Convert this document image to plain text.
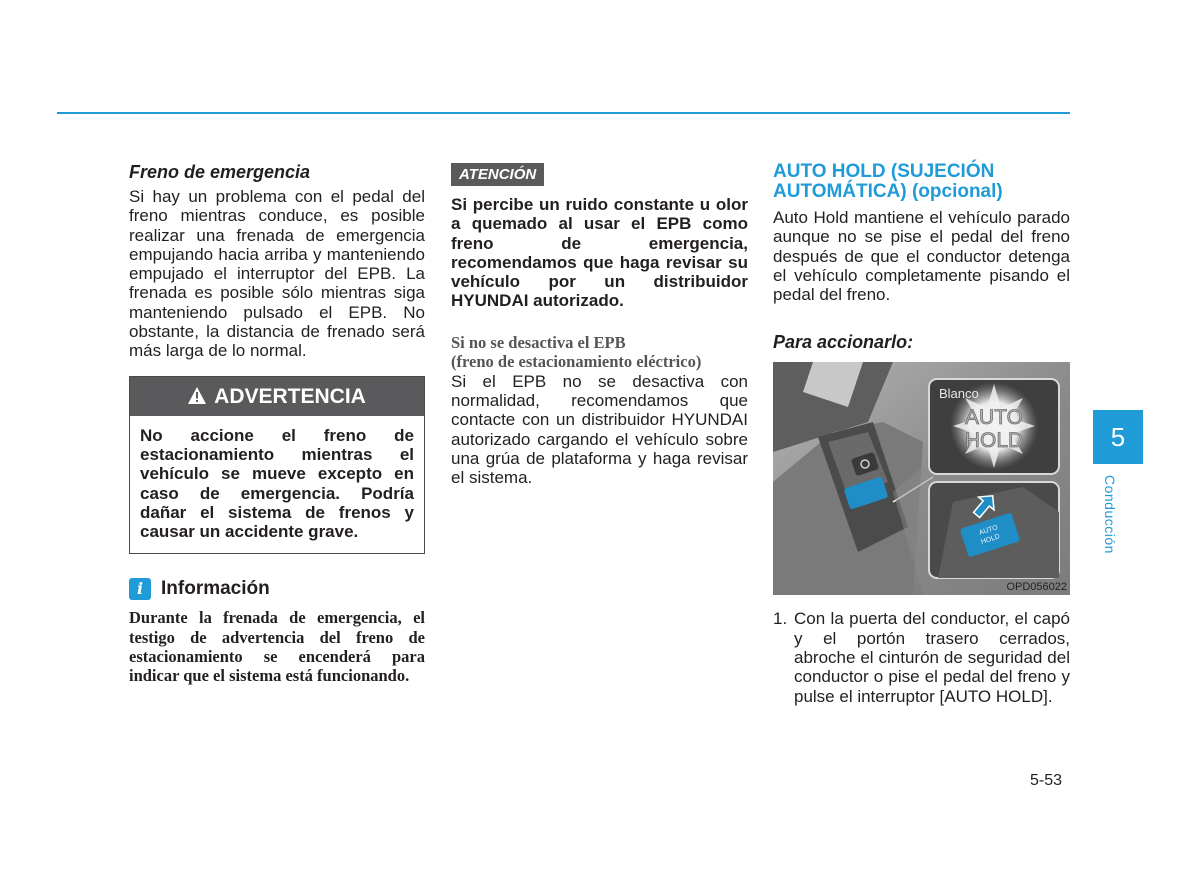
Freno de emergencia

Si hay un problema con el pedal del freno mientras conduce, es posible realizar una frenada de emergencia empujando hacia arriba y manteniendo empujado el interruptor del EPB. La frenada es posible sólo mientras siga manteniendo pulsado el EPB. No obstante, la distancia de frenado será más larga de lo normal.

ADVERTENCIA
No accione el freno de estacionamiento mientras el vehículo se mueve excepto en caso de emergencia. Podría dañar el sistema de frenos y causar un accidente grave.
i Información
Durante la frenada de emergencia, el testigo de advertencia del freno de estacionamiento se encenderá para indicar que el sistema está funcionando.
ATENCIÓN
Si percibe un ruido constante u olor a quemado al usar el EPB como freno de emergencia, recomendamos que haga revisar su vehículo por un distribuidor HYUNDAI autorizado.
Si no se desactiva el EPB
(freno de estacionamiento eléctrico)

Si el EPB no se desactiva con normalidad, recomendamos que contacte con un distribuidor HYUNDAI autorizado cargando el vehículo sobre una grúa de plataforma y haga revisar el sistema.

AUTO HOLD (SUJECIÓN AUTOMÁTICA) (opcional)

Auto Hold mantiene el vehículo parado aunque no se pise el pedal del freno después de que el conductor detenga el vehículo completamente pisando el pedal del freno.

Para accionarlo:
Blanco
AUTO
HOLD
AUTO
HOLD
OPD056022
1. Con la puerta del conductor, el capó y el portón trasero cerrados, abroche el cinturón de seguridad del conductor o pise el pedal del freno y pulse el interruptor [AUTO HOLD].
5
Conducción
5-53
